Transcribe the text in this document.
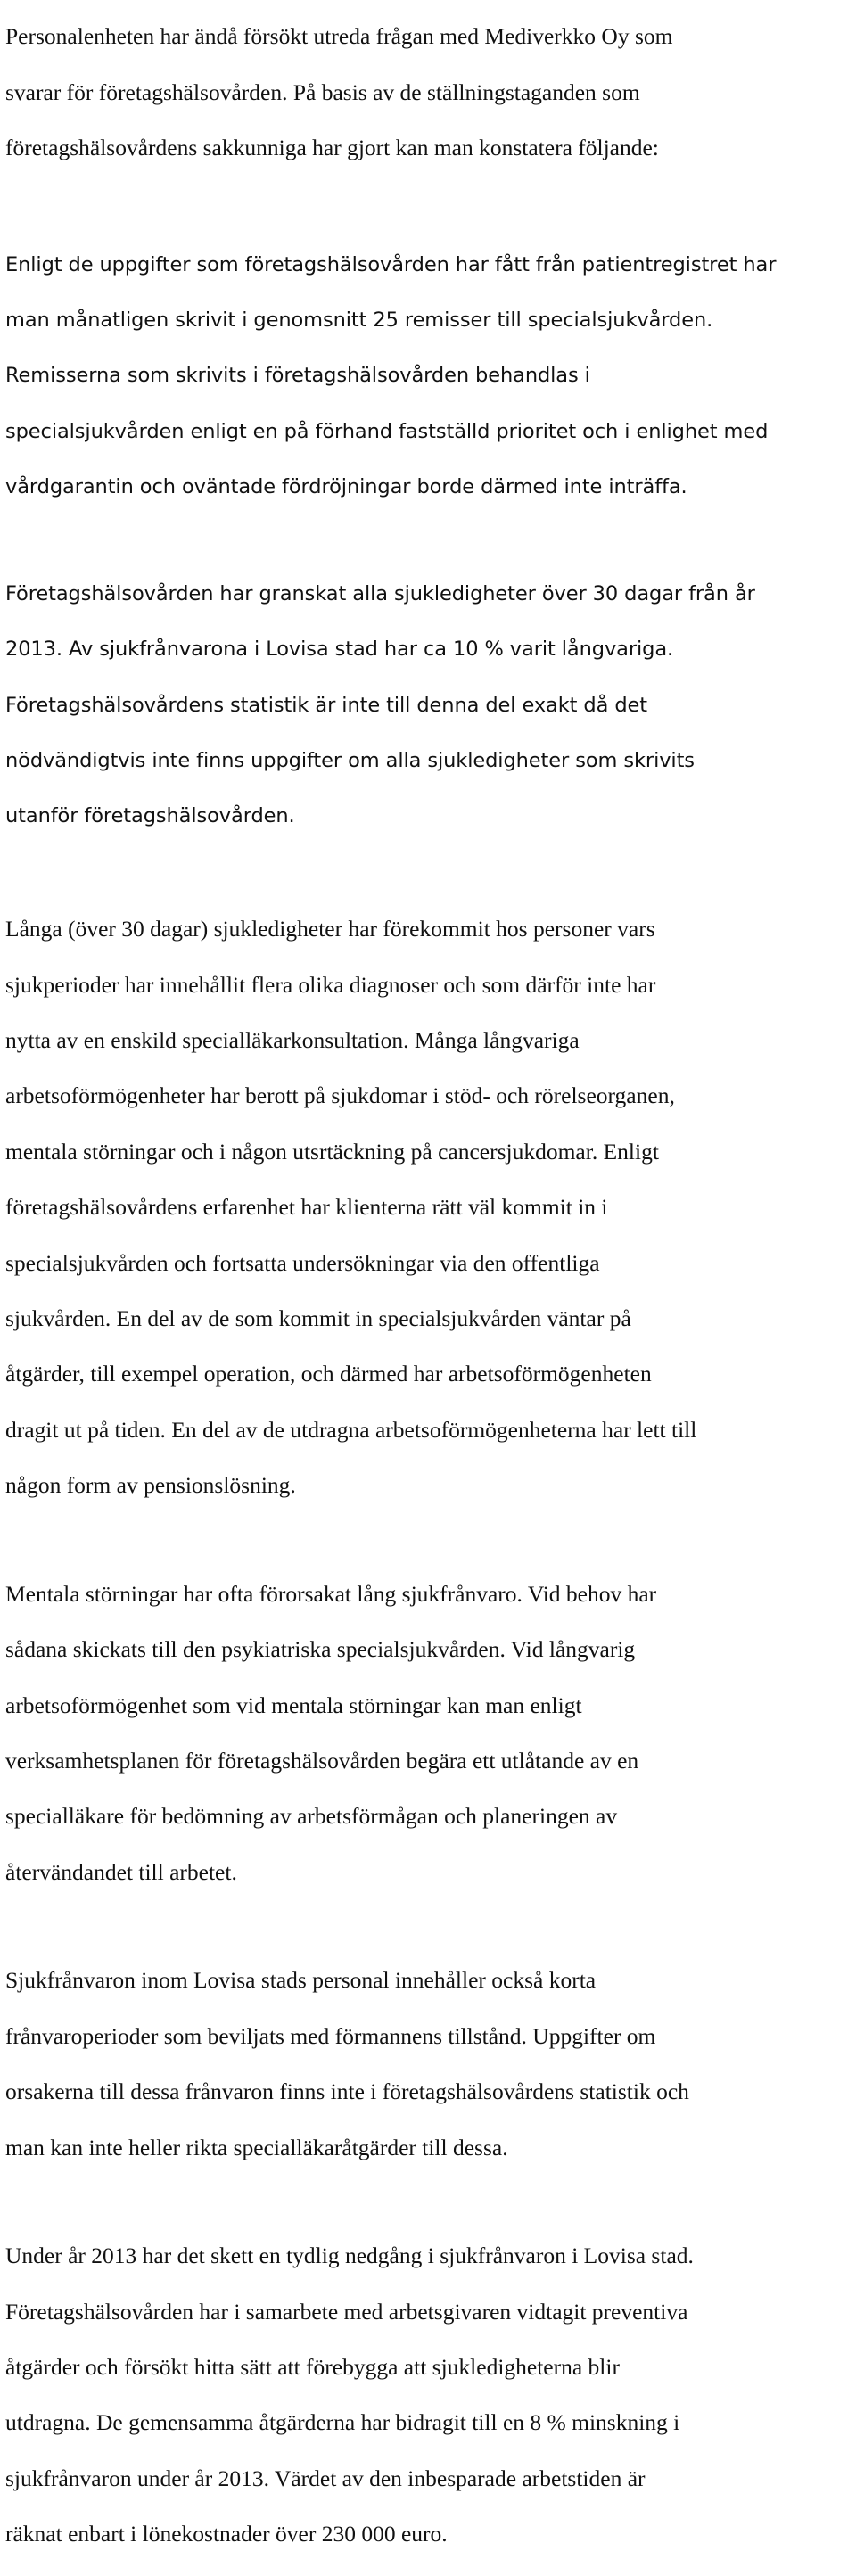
Personalenheten har ändå försökt utreda frågan med Mediverkko Oy som

svarar för företagshälsovården. På basis av de ställningstaganden som

företagshälsovårdens sakkunniga har gjort kan man konstatera följande:

Enligt de uppgifter som företagshälsovården har fått från patientregistret har

man månatligen skrivit i genomsnitt 25 remisser till specialsjukvården.

Remisserna som skrivits i företagshälsovården behandlas i

specialsjukvården enligt en på förhand fastställd prioritet och i enlighet med

vårdgarantin och oväntade fördröjningar borde därmed inte inträffa.

Företagshälsovården har granskat alla sjukledigheter över 30 dagar från år

2013. Av sjukfrånvarona i Lovisa stad har ca 10 % varit långvariga.

Företagshälsovårdens statistik är inte till denna del exakt då det

nödvändigtvis inte finns uppgifter om alla sjukledigheter som skrivits

utanför företagshälsovården.

Långa (över 30 dagar) sjukledigheter har förekommit hos personer vars

sjukperioder har innehållit flera olika diagnoser och som därför inte har

nytta av en enskild specialläkarkonsultation. Många långvariga

arbetsoförmögenheter har berott på sjukdomar i stöd- och rörelseorganen,

mentala störningar och i någon utsrtäckning på cancersjukdomar. Enligt

företagshälsovårdens erfarenhet har klienterna rätt väl kommit in i

specialsjukvården och fortsatta undersökningar via den offentliga

sjukvården. En del av de som kommit in specialsjukvården väntar på

åtgärder, till exempel operation, och därmed har arbetsoförmögenheten

dragit ut på tiden. En del av de utdragna arbetsoförmögenheterna har lett till

någon form av pensionslösning.

Mentala störningar har ofta förorsakat lång sjukfrånvaro. Vid behov har

sådana skickats till den psykiatriska specialsjukvården. Vid långvarig

arbetsoförmögenhet som vid mentala störningar kan man enligt

verksamhetsplanen för företagshälsovården begära ett utlåtande av en

specialläkare för bedömning av arbetsförmågan och planeringen av

återvändandet till arbetet.

Sjukfrånvaron inom Lovisa stads personal innehåller också korta

frånvaroperioder som beviljats med förmannens tillstånd. Uppgifter om

orsakerna till dessa frånvaron finns inte i företagshälsovårdens statistik och

man kan inte heller rikta specialläkaråtgärder till dessa.

Under år 2013 har det skett en tydlig nedgång i sjukfrånvaron i Lovisa stad.

Företagshälsovården har i samarbete med arbetsgivaren vidtagit preventiva

åtgärder och försökt hitta sätt att förebygga att sjukledigheterna blir

utdragna. De gemensamma åtgärderna har bidragit till en 8 % minskning i

sjukfrånvaron under år 2013. Värdet av den inbesparade arbetstiden är

räknat enbart i lönekostnader över 230 000 euro.
